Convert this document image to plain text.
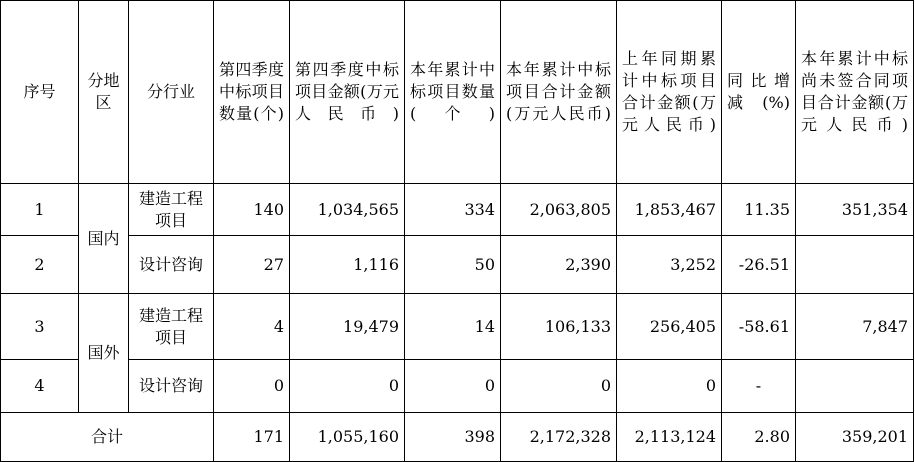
序号	分地区	分行业	第四季度中标项目数量(个)	第四季度中标项目金额(万元人民币)	本年累计中标项目数量(个)	本年累计中标项目合计金额(万元人民币)	上年同期累计中标项目合计金额(万元人民币)	同比增减(%)	本年累计中标尚未签合同项目合计金额(万元人民币)
1	国内	建造工程项目	140	1,034,565	334	2,063,805	1,853,467	11.35	351,354
2		设计咨询	27	1,116	50	2,390	3,252	-26.51	
3	国外	建造工程项目	4	19,479	14	106,133	256,405	-58.61	7,847
4		设计咨询	0	0	0	0	0	-	
合计			171	1,055,160	398	2,172,328	2,113,124	2.80	359,201
